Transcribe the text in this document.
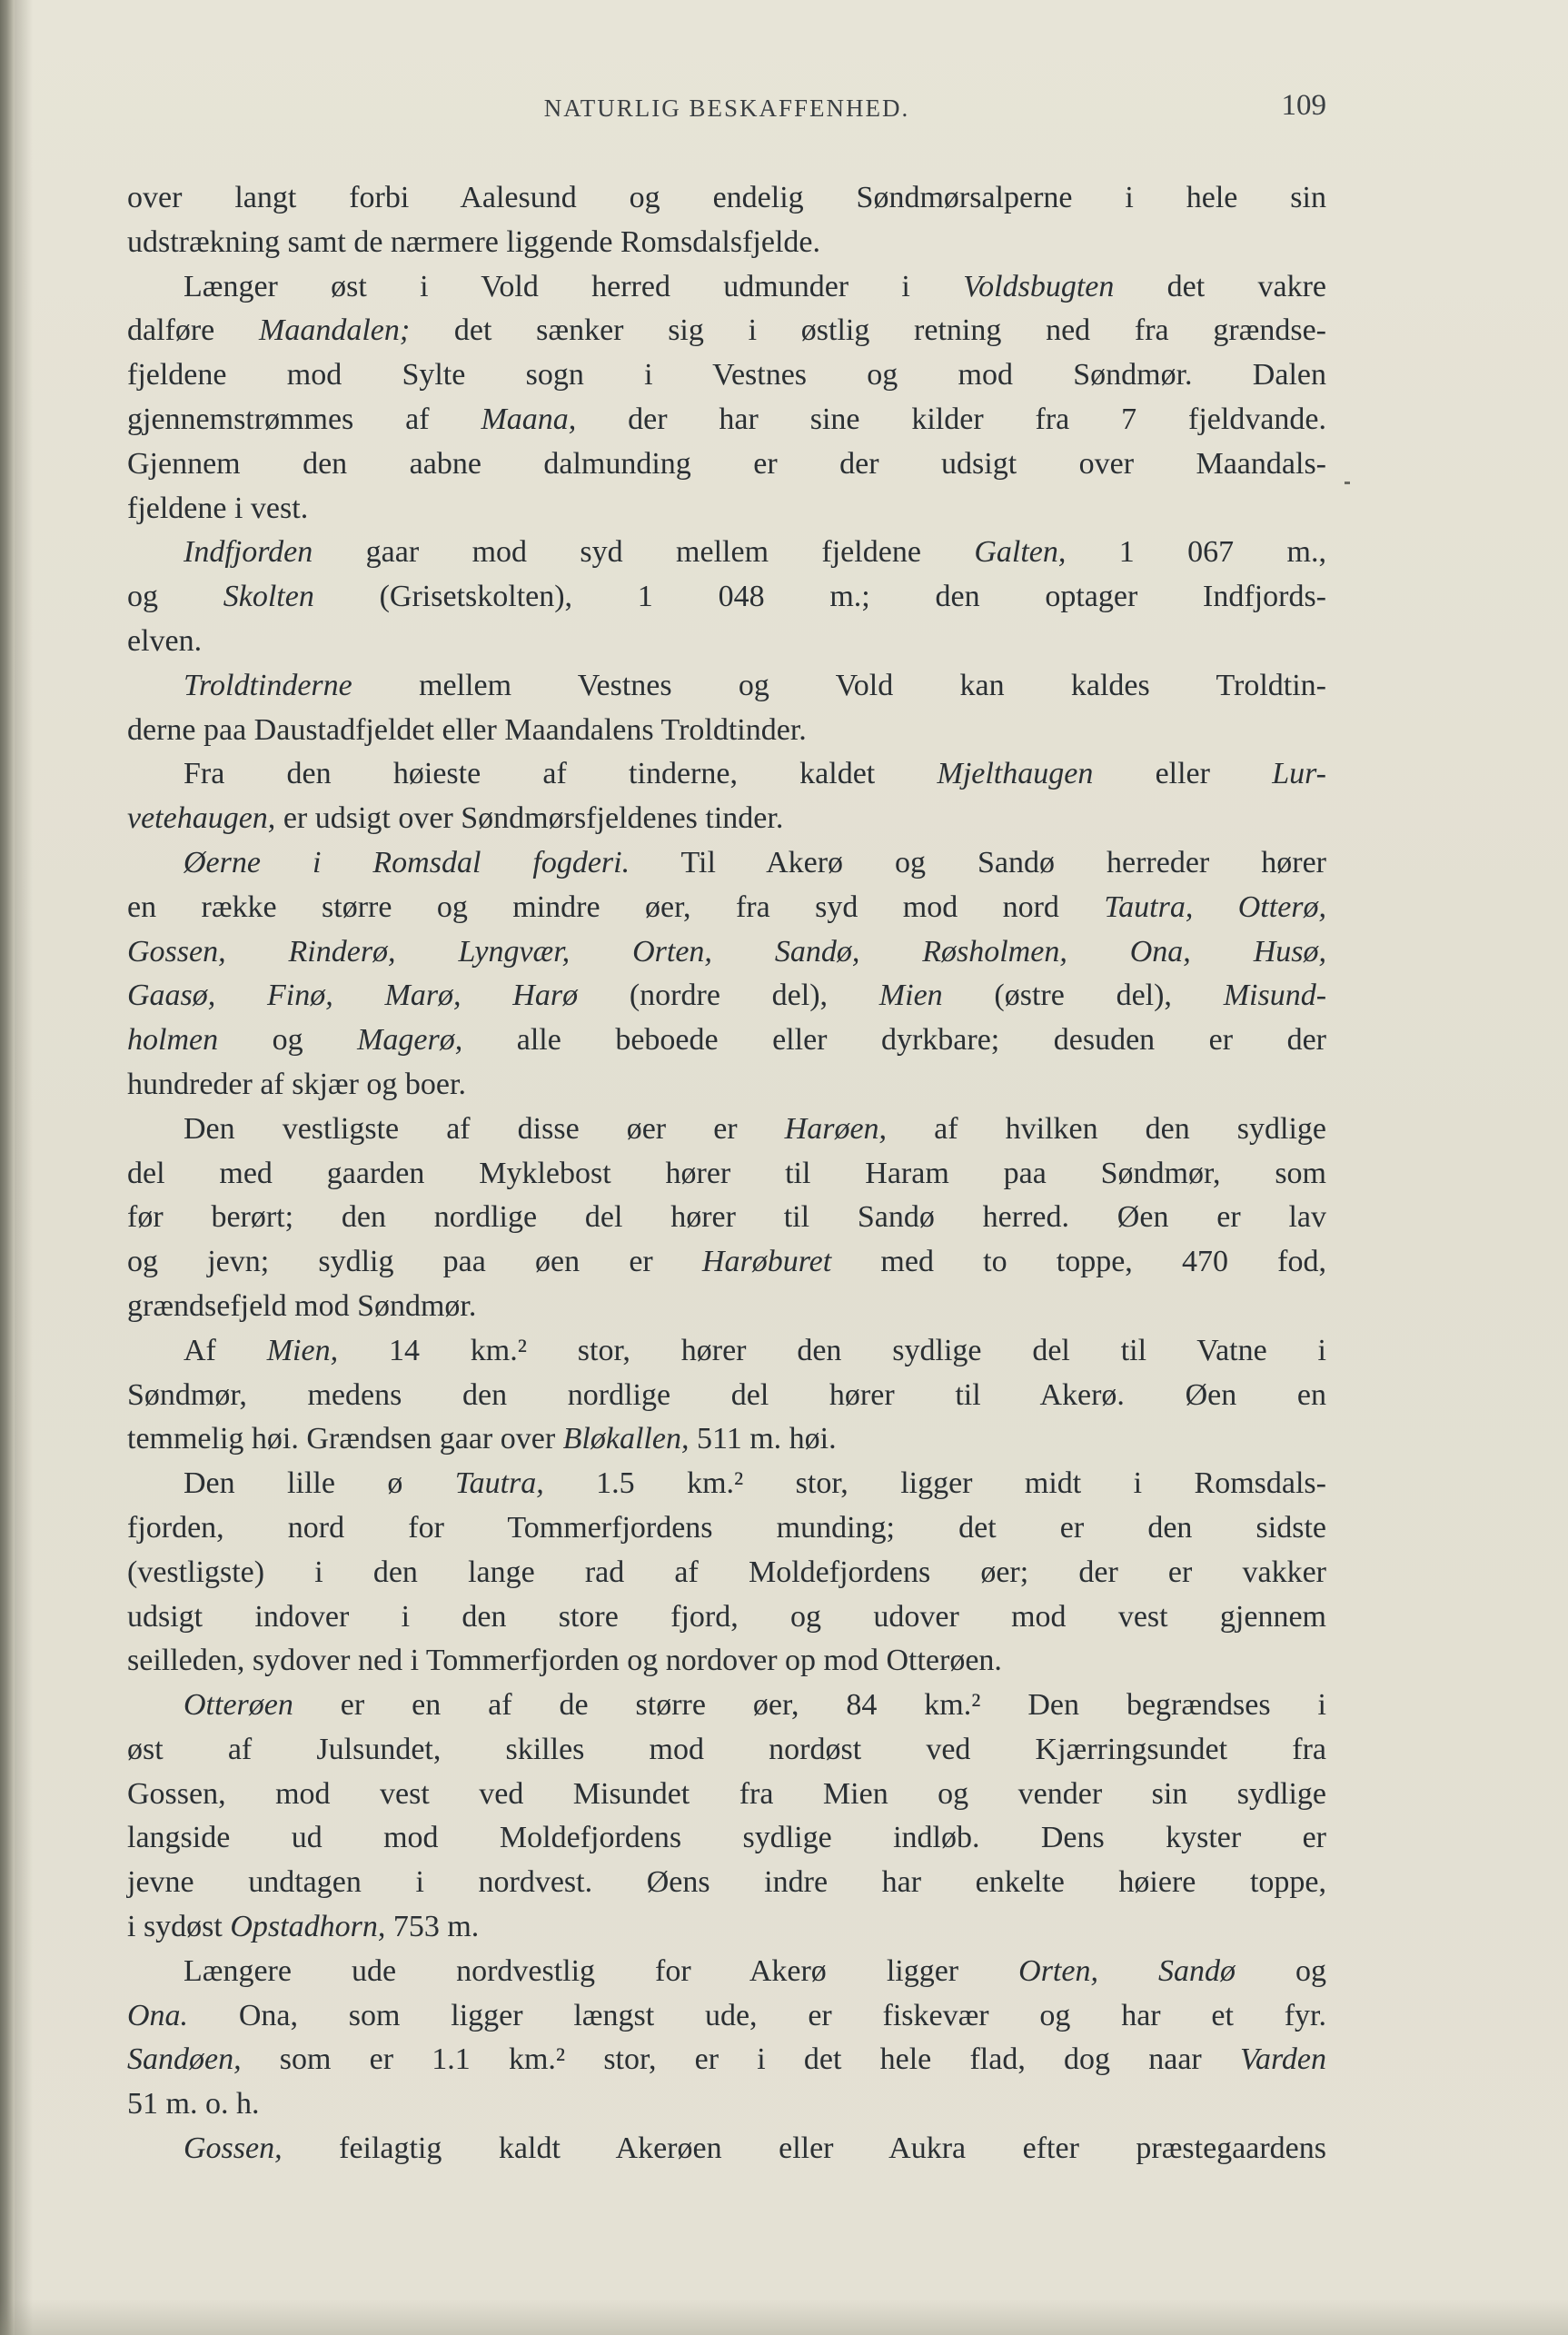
NATURLIG BESKAFFENHED.	109
over langt forbi Aalesund og endelig Søndmørsalperne i hele sin
udstrækning samt de nærmere liggende Romsdalsfjelde.
Længer øst i Vold herred udmunder i Voldsbugten det vakre
dalføre Maandalen; det sænker sig i østlig retning ned fra grændse-
fjeldene mod Sylte sogn i Vestnes og mod Søndmør. Dalen
gjennemstrømmes af Maana, der har sine kilder fra 7 fjeldvande.
Gjennem den aabne dalmunding er der udsigt over Maandals-
fjeldene i vest.
Indfjorden gaar mod syd mellem fjeldene Galten, 1 067 m.,
og Skolten (Grisetskolten), 1 048 m.; den optager Indfjords-
elven.
Troldtinderne mellem Vestnes og Vold kan kaldes Troldtin-
derne paa Daustadfjeldet eller Maandalens Troldtinder.
Fra den høieste af tinderne, kaldet Mjelthaugen eller Lur-
vetehaugen, er udsigt over Søndmørsfjeldenes tinder.
Øerne i Romsdal fogderi. Til Akerø og Sandø herreder hører
en række større og mindre øer, fra syd mod nord Tautra, Otterø,
Gossen, Rinderø, Lyngvær, Orten, Sandø, Røsholmen, Ona, Husø,
Gaasø, Finø, Marø, Harø (nordre del), Mien (østre del), Misund-
holmen og Magerø, alle beboede eller dyrkbare; desuden er der
hundreder af skjær og boer.
Den vestligste af disse øer er Harøen, af hvilken den sydlige
del med gaarden Myklebost hører til Haram paa Søndmør, som
før berørt; den nordlige del hører til Sandø herred. Øen er lav
og jevn; sydlig paa øen er Harøburet med to toppe, 470 fod,
grændsefjeld mod Søndmør.
Af Mien, 14 km.² stor, hører den sydlige del til Vatne i
Søndmør, medens den nordlige del hører til Akerø. Øen en
temmelig høi. Grændsen gaar over Bløkallen, 511 m. høi.
Den lille ø Tautra, 1.5 km.² stor, ligger midt i Romsdals-
fjorden, nord for Tommerfjordens munding; det er den sidste
(vestligste) i den lange rad af Moldefjordens øer; der er vakker
udsigt indover i den store fjord, og udover mod vest gjennem
seilleden, sydover ned i Tommerfjorden og nordover op mod Otterøen.
Otterøen er en af de større øer, 84 km.² Den begrændses i
øst af Julsundet, skilles mod nordøst ved Kjærringsundet fra
Gossen, mod vest ved Misundet fra Mien og vender sin sydlige
langside ud mod Moldefjordens sydlige indløb. Dens kyster er
jevne undtagen i nordvest. Øens indre har enkelte høiere toppe,
i sydøst Opstadhorn, 753 m.
Længere ude nordvestlig for Akerø ligger Orten, Sandø og
Ona. Ona, som ligger længst ude, er fiskevær og har et fyr.
Sandøen, som er 1.1 km.² stor, er i det hele flad, dog naar Varden
51 m. o. h.
Gossen, feilagtig kaldt Akerøen eller Aukra efter præstegaardens
